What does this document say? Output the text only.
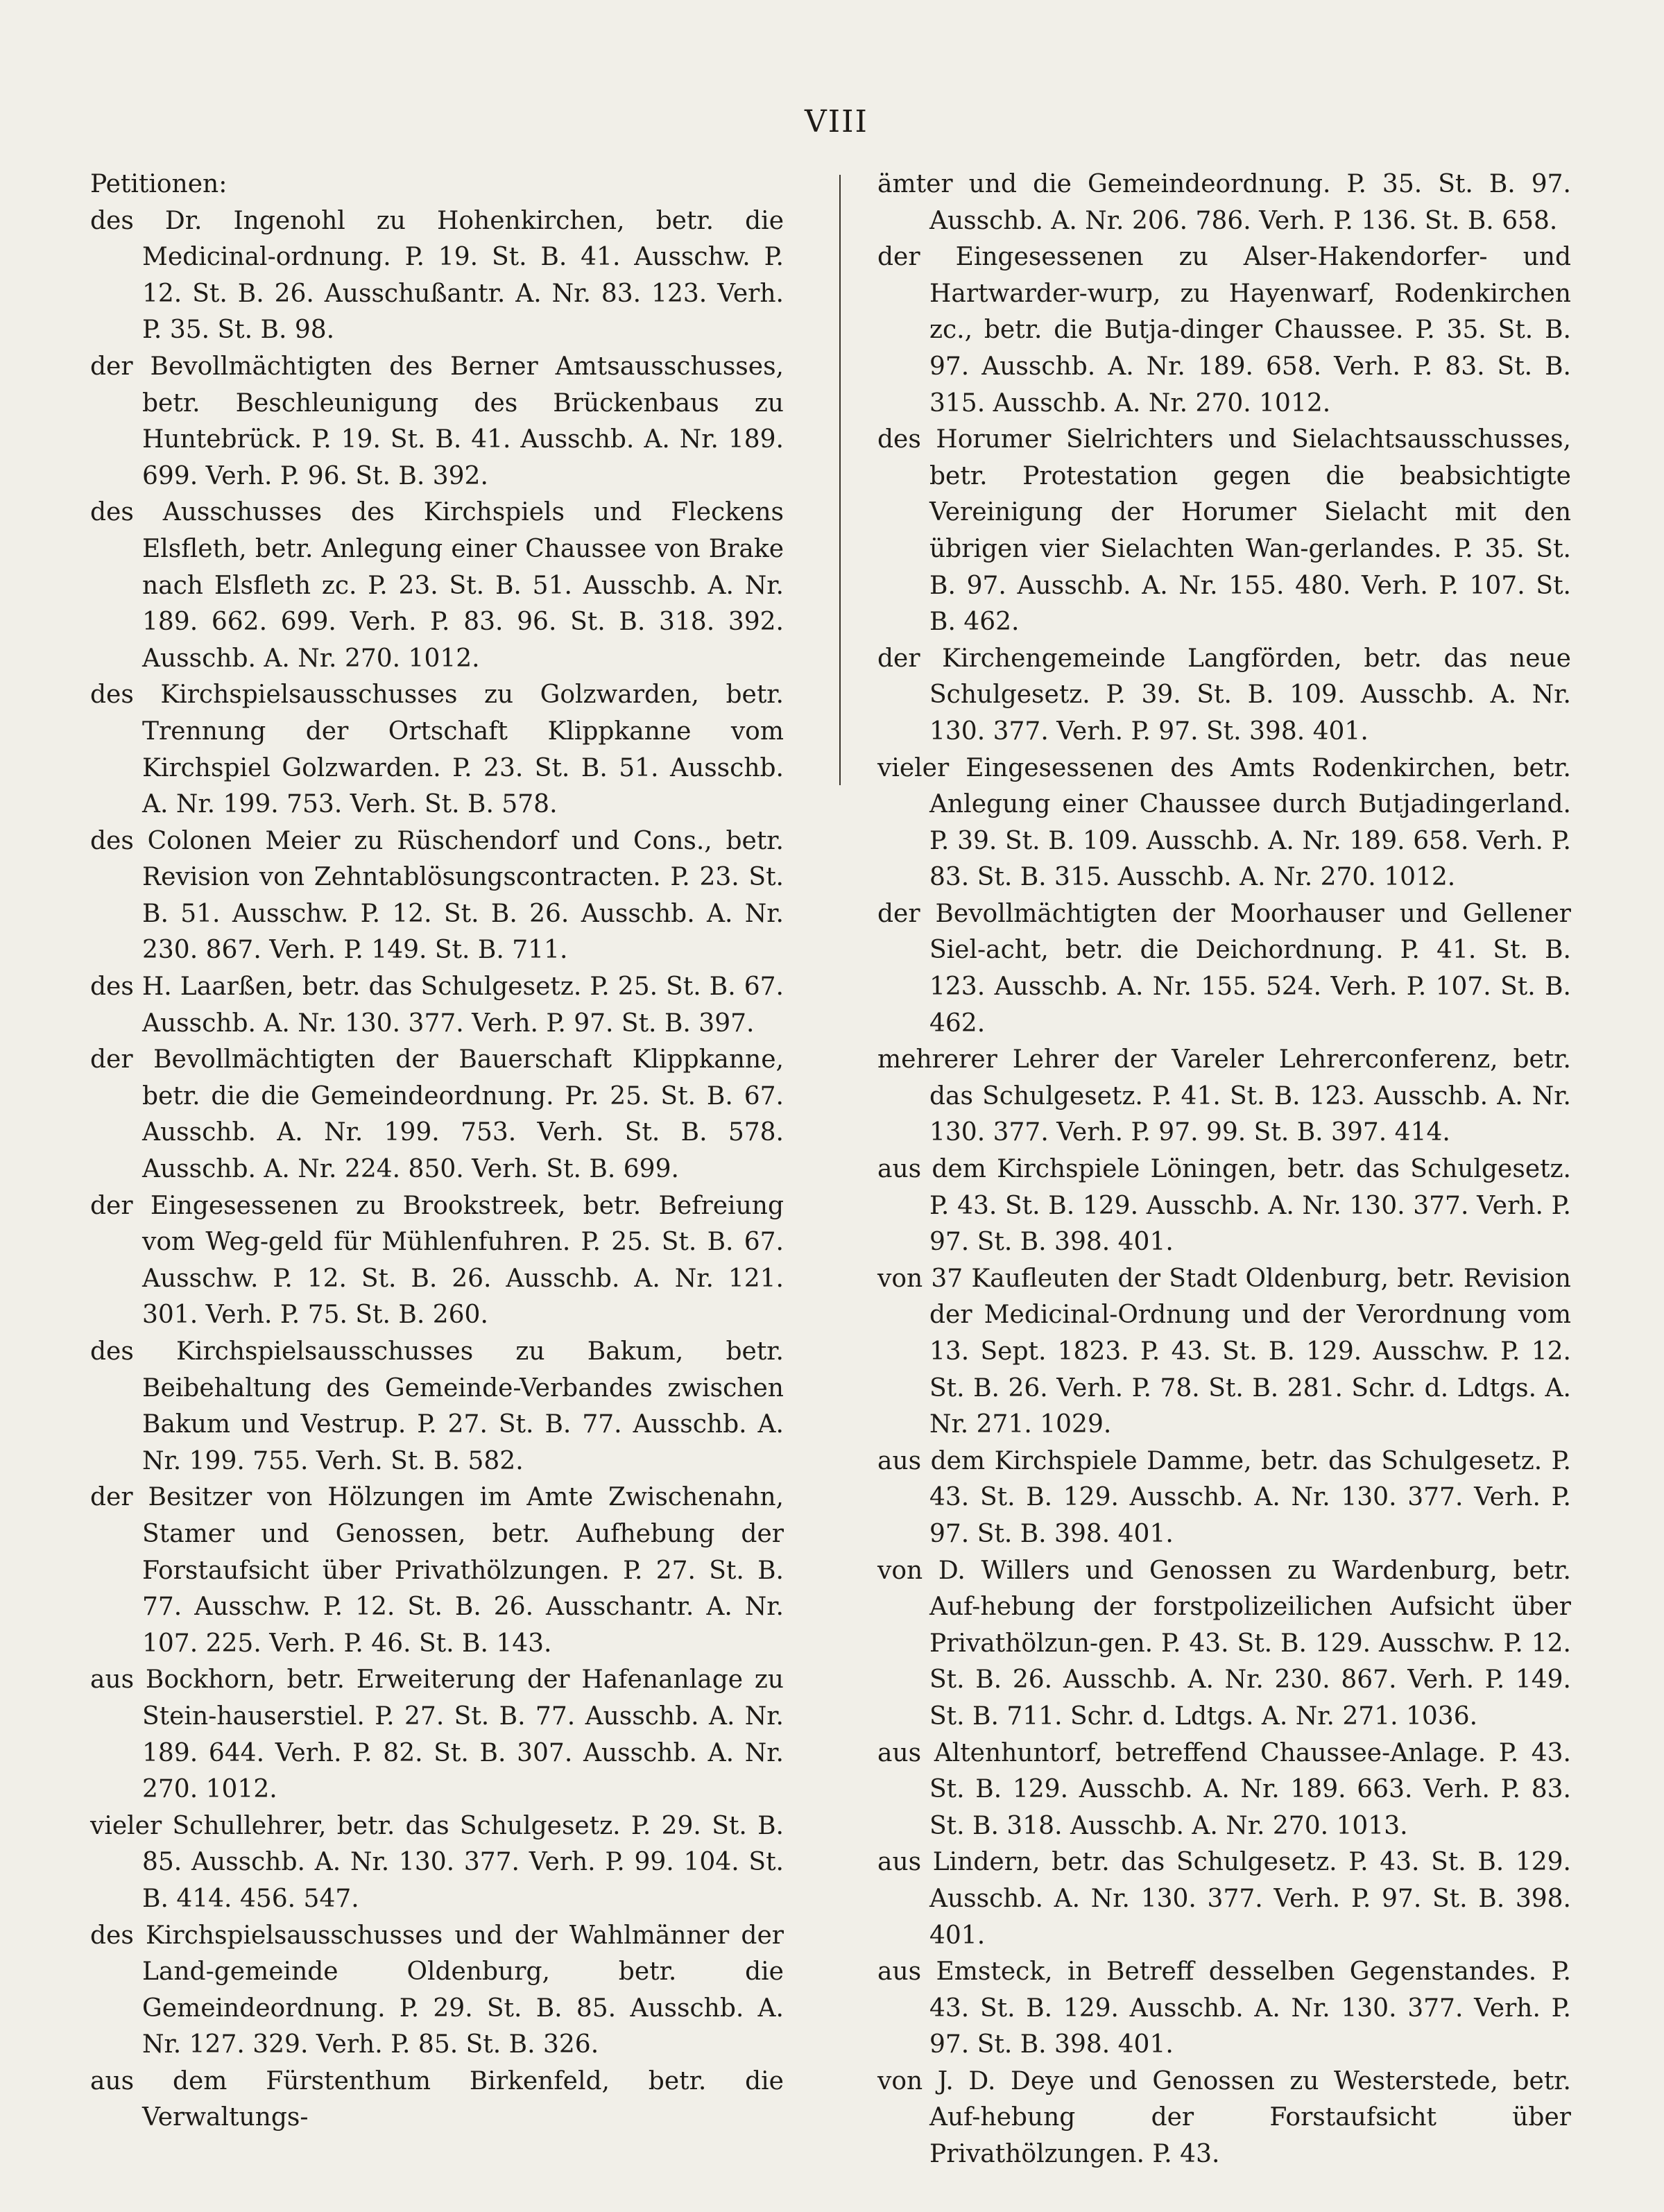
VIII
Petitionen:

des Dr. Ingenohl zu Hohenkirchen, betr. die Medicinal-ordnung. P. 19. St. B. 41. Ausschw. P. 12. St. B. 26. Ausschußantr. A. Nr. 83. 123. Verh. P. 35. St. B. 98.

der Bevollmächtigten des Berner Amtsausschusses, betr. Beschleunigung des Brückenbaus zu Huntebrück. P. 19. St. B. 41. Ausschb. A. Nr. 189. 699. Verh. P. 96. St. B. 392.

des Ausschusses des Kirchspiels und Fleckens Elsfleth, betr. Anlegung einer Chaussee von Brake nach Elsfleth zc. P. 23. St. B. 51. Ausschb. A. Nr. 189. 662. 699. Verh. P. 83. 96. St. B. 318. 392. Ausschb. A. Nr. 270. 1012.

des Kirchspielsausschusses zu Golzwarden, betr. Trennung der Ortschaft Klippkanne vom Kirchspiel Golzwarden. P. 23. St. B. 51. Ausschb. A. Nr. 199. 753. Verh. St. B. 578.

des Colonen Meier zu Rüschendorf und Cons., betr. Revision von Zehntablösungscontracten. P. 23. St. B. 51. Ausschw. P. 12. St. B. 26. Ausschb. A. Nr. 230. 867. Verh. P. 149. St. B. 711.

des H. Laarßen, betr. das Schulgesetz. P. 25. St. B. 67. Ausschb. A. Nr. 130. 377. Verh. P. 97. St. B. 397.

der Bevollmächtigten der Bauerschaft Klippkanne, betr. die die Gemeindeordnung. Pr. 25. St. B. 67. Ausschb. A. Nr. 199. 753. Verh. St. B. 578. Ausschb. A. Nr. 224. 850. Verh. St. B. 699.

der Eingesessenen zu Brookstreek, betr. Befreiung vom Weg-geld für Mühlenfuhren. P. 25. St. B. 67. Ausschw. P. 12. St. B. 26. Ausschb. A. Nr. 121. 301. Verh. P. 75. St. B. 260.

des Kirchspielsausschusses zu Bakum, betr. Beibehaltung des Gemeinde-Verbandes zwischen Bakum und Vestrup. P. 27. St. B. 77. Ausschb. A. Nr. 199. 755. Verh. St. B. 582.

der Besitzer von Hölzungen im Amte Zwischenahn, Stamer und Genossen, betr. Aufhebung der Forstaufsicht über Privathölzungen. P. 27. St. B. 77. Ausschw. P. 12. St. B. 26. Ausschantr. A. Nr. 107. 225. Verh. P. 46. St. B. 143.

aus Bockhorn, betr. Erweiterung der Hafenanlage zu Stein-hauserstiel. P. 27. St. B. 77. Ausschb. A. Nr. 189. 644. Verh. P. 82. St. B. 307. Ausschb. A. Nr. 270. 1012.

vieler Schullehrer, betr. das Schulgesetz. P. 29. St. B. 85. Ausschb. A. Nr. 130. 377. Verh. P. 99. 104. St. B. 414. 456. 547.

des Kirchspielsausschusses und der Wahlmänner der Land-gemeinde Oldenburg, betr. die Gemeindeordnung. P. 29. St. B. 85. Ausschb. A. Nr. 127. 329. Verh. P. 85. St. B. 326.

aus dem Fürstenthum Birkenfeld, betr. die Verwaltungs-

ämter und die Gemeindeordnung. P. 35. St. B. 97. Ausschb. A. Nr. 206. 786. Verh. P. 136. St. B. 658.

der Eingesessenen zu Alser-Hakendorfer- und Hartwarder-wurp, zu Hayenwarf, Rodenkirchen zc., betr. die Butja-dinger Chaussee. P. 35. St. B. 97. Ausschb. A. Nr. 189. 658. Verh. P. 83. St. B. 315. Ausschb. A. Nr. 270. 1012.

des Horumer Sielrichters und Sielachtsausschusses, betr. Protestation gegen die beabsichtigte Vereinigung der Horumer Sielacht mit den übrigen vier Sielachten Wan-gerlandes. P. 35. St. B. 97. Ausschb. A. Nr. 155. 480. Verh. P. 107. St. B. 462.

der Kirchengemeinde Langförden, betr. das neue Schulgesetz. P. 39. St. B. 109. Ausschb. A. Nr. 130. 377. Verh. P. 97. St. 398. 401.

vieler Eingesessenen des Amts Rodenkirchen, betr. Anlegung einer Chaussee durch Butjadingerland. P. 39. St. B. 109. Ausschb. A. Nr. 189. 658. Verh. P. 83. St. B. 315. Ausschb. A. Nr. 270. 1012.

der Bevollmächtigten der Moorhauser und Gellener Siel-acht, betr. die Deichordnung. P. 41. St. B. 123. Ausschb. A. Nr. 155. 524. Verh. P. 107. St. B. 462.

mehrerer Lehrer der Vareler Lehrerconferenz, betr. das Schulgesetz. P. 41. St. B. 123. Ausschb. A. Nr. 130. 377. Verh. P. 97. 99. St. B. 397. 414.

aus dem Kirchspiele Löningen, betr. das Schulgesetz. P. 43. St. B. 129. Ausschb. A. Nr. 130. 377. Verh. P. 97. St. B. 398. 401.

von 37 Kaufleuten der Stadt Oldenburg, betr. Revision der Medicinal-Ordnung und der Verordnung vom 13. Sept. 1823. P. 43. St. B. 129. Ausschw. P. 12. St. B. 26. Verh. P. 78. St. B. 281. Schr. d. Ldtgs. A. Nr. 271. 1029.

aus dem Kirchspiele Damme, betr. das Schulgesetz. P. 43. St. B. 129. Ausschb. A. Nr. 130. 377. Verh. P. 97. St. B. 398. 401.

von D. Willers und Genossen zu Wardenburg, betr. Auf-hebung der forstpolizeilichen Aufsicht über Privathölzun-gen. P. 43. St. B. 129. Ausschw. P. 12. St. B. 26. Ausschb. A. Nr. 230. 867. Verh. P. 149. St. B. 711. Schr. d. Ldtgs. A. Nr. 271. 1036.

aus Altenhuntorf, betreffend Chaussee-Anlage. P. 43. St. B. 129. Ausschb. A. Nr. 189. 663. Verh. P. 83. St. B. 318. Ausschb. A. Nr. 270. 1013.

aus Lindern, betr. das Schulgesetz. P. 43. St. B. 129. Ausschb. A. Nr. 130. 377. Verh. P. 97. St. B. 398. 401.

aus Emsteck, in Betreff desselben Gegenstandes. P. 43. St. B. 129. Ausschb. A. Nr. 130. 377. Verh. P. 97. St. B. 398. 401.

von J. D. Deye und Genossen zu Westerstede, betr. Auf-hebung der Forstaufsicht über Privathölzungen. P. 43.
